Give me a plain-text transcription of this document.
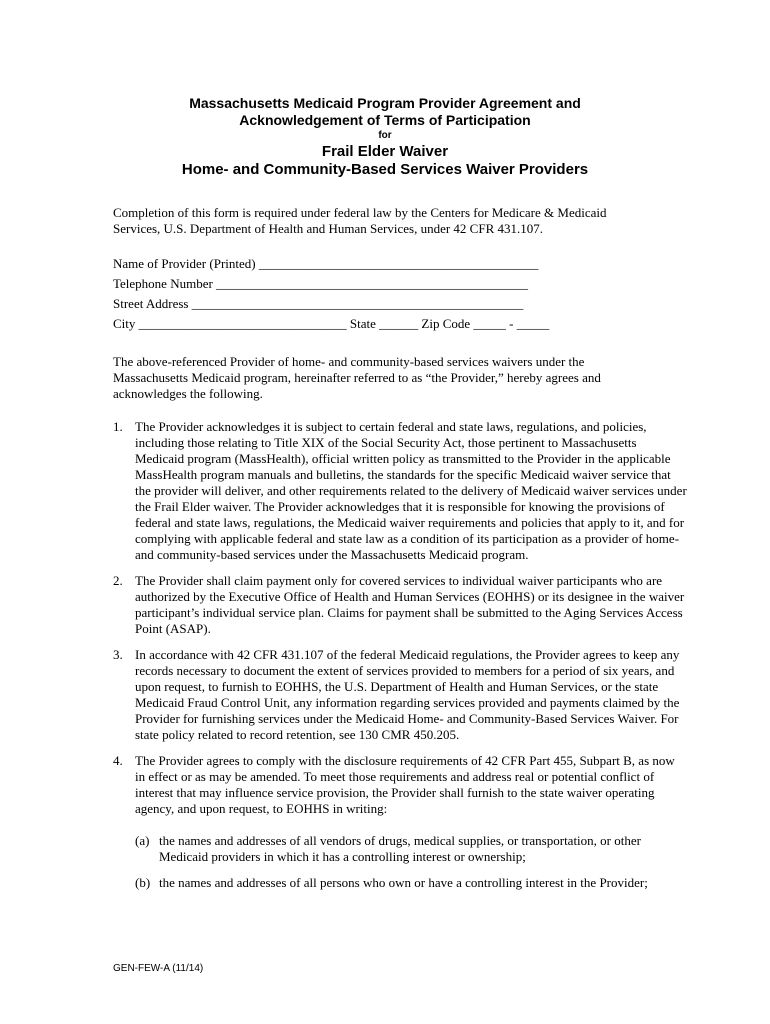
Massachusetts Medicaid Program Provider Agreement and
Acknowledgement of Terms of Participation
for
Frail Elder Waiver
Home- and Community-Based Services Waiver Providers
Completion of this form is required under federal law by the Centers for Medicare & Medicaid Services, U.S. Department of Health and Human Services, under 42 CFR 431.107.
Name of Provider (Printed) ___________________________________________
Telephone Number ________________________________________________
Street Address ___________________________________________________
City ________________________________ State ______ Zip Code _____ - _____
The above-referenced Provider of home- and community-based services waivers under the Massachusetts Medicaid program, hereinafter referred to as “the Provider,” hereby agrees and acknowledges the following.
1. The Provider acknowledges it is subject to certain federal and state laws, regulations, and policies, including those relating to Title XIX of the Social Security Act, those pertinent to Massachusetts Medicaid program (MassHealth), official written policy as transmitted to the Provider in the applicable MassHealth program manuals and bulletins, the standards for the specific Medicaid waiver service that the provider will deliver, and other requirements related to the delivery of Medicaid waiver services under the Frail Elder waiver. The Provider acknowledges that it is responsible for knowing the provisions of federal and state laws, regulations, the Medicaid waiver requirements and policies that apply to it, and for complying with applicable federal and state law as a condition of its participation as a provider of home- and community-based services under the Massachusetts Medicaid program.
2. The Provider shall claim payment only for covered services to individual waiver participants who are authorized by the Executive Office of Health and Human Services (EOHHS) or its designee in the waiver participant’s individual service plan. Claims for payment shall be submitted to the Aging Services Access Point (ASAP).
3. In accordance with 42 CFR 431.107 of the federal Medicaid regulations, the Provider agrees to keep any records necessary to document the extent of services provided to members for a period of six years, and upon request, to furnish to EOHHS, the U.S. Department of Health and Human Services, or the state Medicaid Fraud Control Unit, any information regarding services provided and payments claimed by the Provider for furnishing services under the Medicaid Home- and Community-Based Services Waiver. For state policy related to record retention, see 130 CMR 450.205.
4. The Provider agrees to comply with the disclosure requirements of 42 CFR Part 455, Subpart B, as now in effect or as may be amended. To meet those requirements and address real or potential conflict of interest that may influence service provision, the Provider shall furnish to the state waiver operating agency, and upon request, to EOHHS in writing:
(a) the names and addresses of all vendors of drugs, medical supplies, or transportation, or other Medicaid providers in which it has a controlling interest or ownership;
(b) the names and addresses of all persons who own or have a controlling interest in the Provider;
GEN-FEW-A (11/14)
